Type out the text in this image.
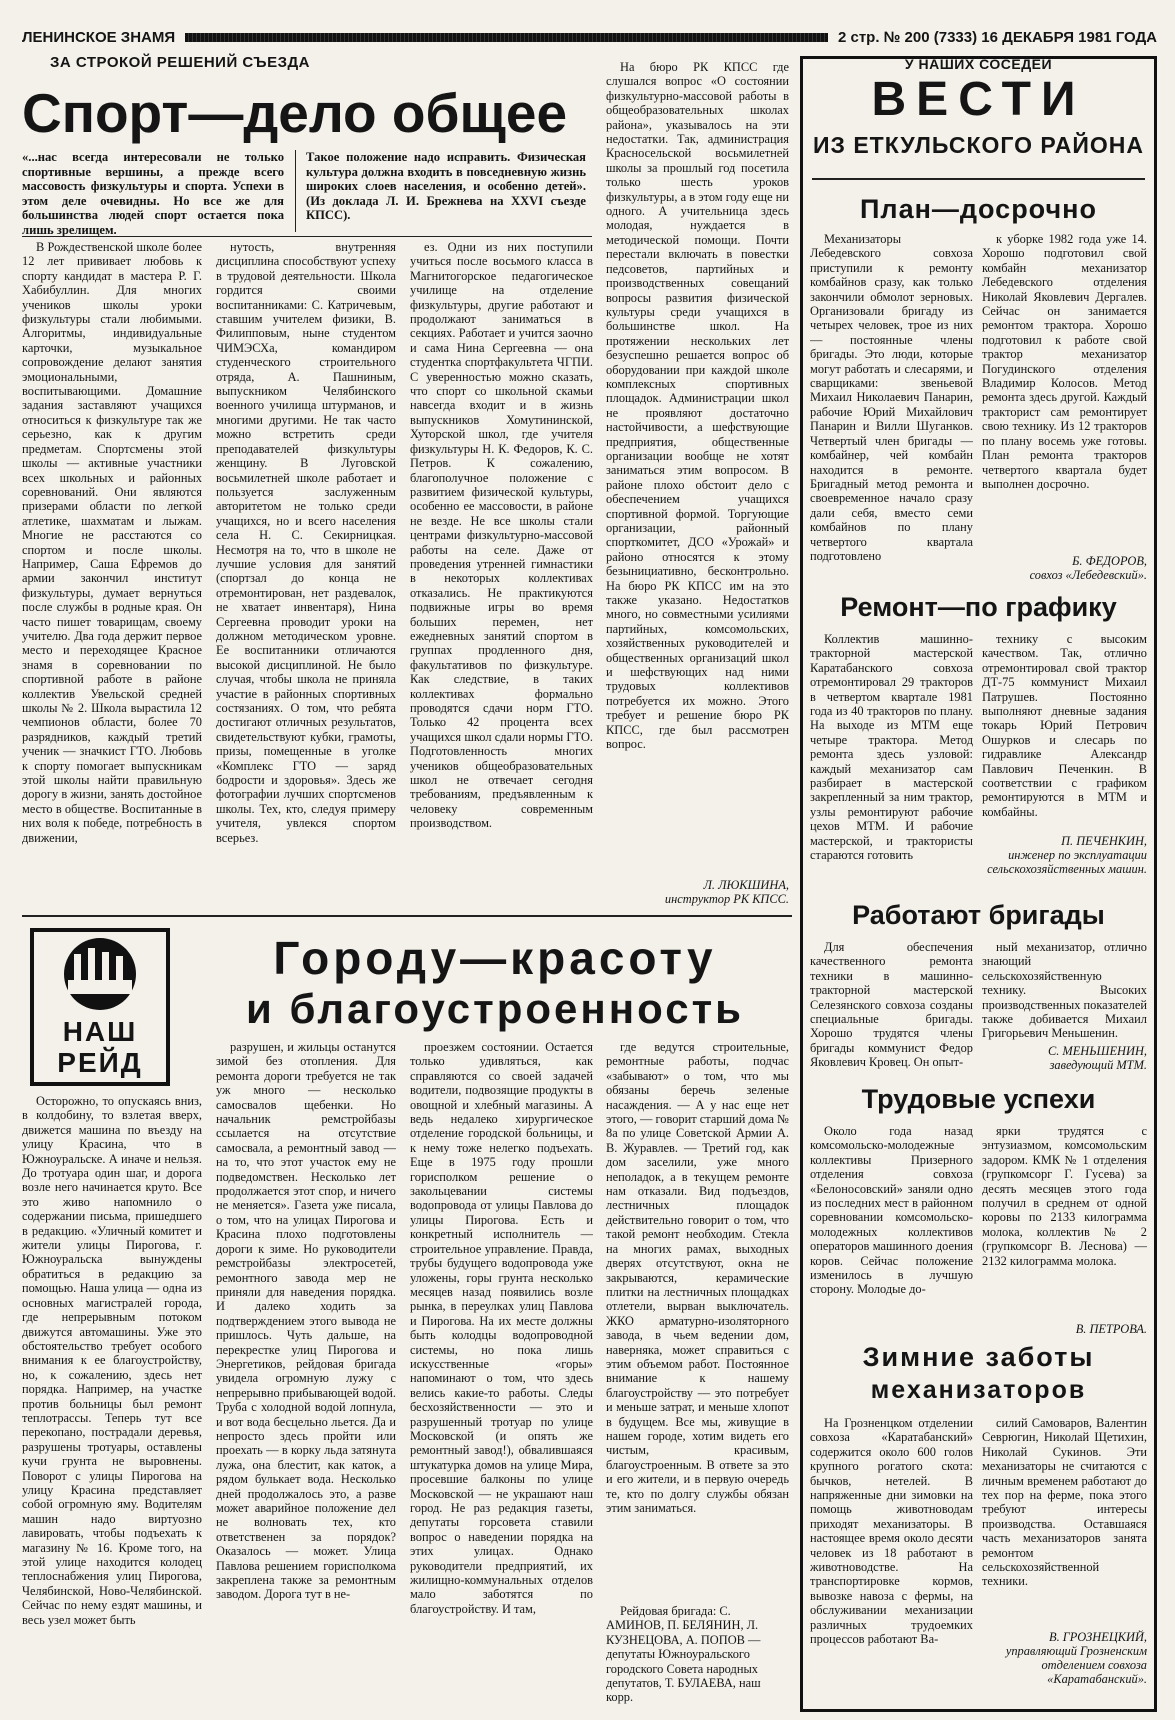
ЛЕНИНСКОЕ ЗНАМЯ	2 стр. № 200 (7333) 16 ДЕКАБРЯ 1981 ГОДА
ЗА СТРОКОЙ РЕШЕНИЙ СЪЕЗДА
Спорт—дело общее
«...нас всегда интересовали не только спортивные вершины, а прежде всего массовость физкультуры и спорта. Успехи в этом деле очевидны. Но все же для большинства людей спорт остается пока лишь зрелищем.
Такое положение надо исправить. Физическая культура должна входить в повседневную жизнь широких слоев населения, и особенно детей». (Из доклада Л. И. Брежнева на XXVI съезде КПСС).

В Рождественской школе более 12 лет прививает любовь к спорту кандидат в мастера Р. Г. Хабибуллин. Для многих учеников школы уроки физкультуры стали любимыми. Алгоритмы, индивидуальные карточки, музыкальное сопровождение делают занятия эмоциональными, воспитывающими. Домашние задания заставляют учащихся относиться к физкультуре так же серьезно, как к другим предметам. Спортсмены этой школы — активные участники всех школьных и районных соревнований. Они являются призерами области по легкой атлетике, шахматам и лыжам. Многие не расстаются со спортом и после школы. Например, Саша Ефремов до армии закончил институт физкультуры, думает вернуться после службы в родные края. Он часто пишет товарищам, своему учителю. Два года держит первое место и переходящее Красное знамя в соревновании по спортивной работе в районе коллектив Увельской средней школы № 2. Школа вырастила 12 чемпионов области, более 70 разрядников, каждый третий ученик — значкист ГТО. Любовь к спорту помогает выпускникам этой школы найти правильную дорогу в жизни, занять достойное место в обществе. Воспитанные в них воля к победе, потребность в движении,

нутость, внутренняя дисциплина способствуют успеху в трудовой деятельности. Школа гордится своими воспитанниками: С. Катричевым, ставшим учителем физики, В. Филипповым, ныне студентом ЧИМЭСХа, командиром студенческого строительного отряда, А. Пашниным, выпускником Челябинского военного училища штурманов, и многими другими. Не так часто можно встретить среди преподавателей физкультуры женщину. В Луговской восьмилетней школе работает и пользуется заслуженным авторитетом не только среди учащихся, но и всего населения села Н. С. Секирницкая. Несмотря на то, что в школе не лучшие условия для занятий (спортзал до конца не отремонтирован, нет раздевалок, не хватает инвентаря), Нина Сергеевна проводит уроки на должном методическом уровне. Ее воспитанники отличаются высокой дисциплиной. Не было случая, чтобы школа не приняла участие в районных спортивных состязаниях. О том, что ребята достигают отличных результатов, свидетельствуют кубки, грамоты, призы, помещенные в уголке «Комплекс ГТО — заряд бодрости и здоровья». Здесь же фотографии лучших спортсменов школы. Тех, кто, следуя примеру учителя, увлекся спортом всерьез.

ез. Одни из них поступили учиться после восьмого класса в Магнитогорское педагогическое училище на отделение физкультуры, другие работают и продолжают заниматься в секциях. Работает и учится заочно и сама Нина Сергеевна — она студентка спортфакультета ЧГПИ. С уверенностью можно сказать, что спорт со школьной скамьи навсегда входит и в жизнь выпускников Хомутининской, Хуторской школ, где учителя физкультуры Н. К. Федоров, К. С. Петров. К сожалению, благополучное положение с развитием физической культуры, особенно ее массовости, в районе не везде. Не все школы стали центрами физкультурно-массовой работы на селе. Даже от проведения утренней гимнастики в некоторых коллективах отказались. Не практикуются подвижные игры во время больших перемен, нет ежедневных занятий спортом в группах продленного дня, факультативов по физкультуре. Как следствие, в таких коллективах формально проводятся сдачи норм ГТО. Только 42 процента всех учащихся школ сдали нормы ГТО. Подготовленность многих учеников общеобразовательных школ не отвечает сегодня требованиям, предъявленным к человеку современным производством.

На бюро РК КПСС где слушался вопрос «О состоянии физкультурно-массовой работы в общеобразовательных школах района», указывалось на эти недостатки. Так, администрация Красносельской восьмилетней школы за прошлый год посетила только шесть уроков физкультуры, а в этом году еще ни одного. А учительница здесь молодая, нуждается в методической помощи. Почти перестали включать в повестки педсоветов, партийных и производственных совещаний вопросы развития физической культуры среди учащихся в большинстве школ. На протяжении нескольких лет безуспешно решается вопрос об оборудовании при каждой школе комплексных спортивных площадок. Администрации школ не проявляют достаточно настойчивости, а шефствующие предприятия, общественные организации вообще не хотят заниматься этим вопросом. В районе плохо обстоит дело с обеспечением учащихся спортивной формой. Торгующие организации, районный спорткомитет, ДСО «Урожай» и районо относятся к этому безынициативно, бесконтрольно. На бюро РК КПСС им на это также указано. Недостатков много, но совместными усилиями партийных, комсомольских, хозяйственных руководителей и общественных организаций школ и шефствующих над ними трудовых коллективов потребуется их можно. Этого требует и решение бюро РК КПСС, где был рассмотрен вопрос.

Л. ЛЮКШИНА,
инструктор РК КПСС.
НАШ
РЕЙД
Городу—красоту
и благоустроенность

Осторожно, то опускаясь вниз, в колдобину, то взлетая вверх, движется машина по въезду на улицу Красина, что в Южноуральске. А иначе и нельзя. До тротуара один шаг, и дорога возле него начинается круто. Все это живо напомнило о содержании письма, пришедшего в редакцию. «Уличный комитет и жители улицы Пирогова, г. Южноуральска вынуждены обратиться в редакцию за помощью. Наша улица — одна из основных магистралей города, где непрерывным потоком движутся автомашины. Уже это обстоятельство требует особого внимания к ее благоустройству, но, к сожалению, здесь нет порядка. Например, на участке против больницы был ремонт теплотрассы. Теперь тут все перекопано, пострадали деревья, разрушены тротуары, оставлены кучи грунта не выровнены. Поворот с улицы Пирогова на улицу Красина представляет собой огромную яму. Водителям машин надо виртуозно лавировать, чтобы подъехать к магазину № 16. Кроме того, на этой улице находится колодец теплоснабжения улиц Пирогова, Челябинской, Ново-Челябинской. Сейчас по нему ездят машины, и весь узел может быть

разрушен, и жильцы останутся зимой без отопления. Для ремонта дороги требуется не так уж много — несколько самосвалов щебенки. Но начальник ремстройбазы ссылается на отсутствие самосвала, а ремонтный завод — на то, что этот участок ему не подведомствен. Несколько лет продолжается этот спор, и ничего не меняется». Газета уже писала, о том, что на улицах Пирогова и Красина плохо подготовлены дороги к зиме. Но руководители ремстройбазы электросетей, ремонтного завода мер не приняли для наведения порядка. И далеко ходить за подтверждением этого вывода не пришлось. Чуть дальше, на перекрестке улиц Пирогова и Энергетиков, рейдовая бригада увидела огромную лужу с непрерывно прибывающей водой. Труба с холодной водой лопнула, и вот вода бесцельно льется. Да и непросто здесь пройти или проехать — в корку льда затянута лужа, она блестит, как каток, а рядом булькает вода. Несколько дней продолжалось это, а разве может аварийное положение дел не волновать тех, кто ответственен за порядок? Оказалось — может. Улица Павлова решением горисполкома закреплена также за ремонтным заводом. Дорога тут в не-

проезжем состоянии. Остается только удивляться, как справляются со своей задачей водители, подвозящие продукты в овощной и хлебный магазины. А ведь недалеко хирургическое отделение городской больницы, и к нему тоже нелегко подъехать. Еще в 1975 году прошли горисполком решение о закольцевании системы водопровода от улицы Павлова до улицы Пирогова. Есть и конкретный исполнитель — строительное управление. Правда, трубы будущего водопровода уже уложены, горы грунта несколько месяцев назад появились возле рынка, в переулках улиц Павлова и Пирогова. На их месте должны быть колодцы водопроводной системы, но пока лишь искусственные «горы» напоминают о том, что здесь велись какие-то работы. Следы бесхозяйственности — это и разрушенный тротуар по улице Московской (и опять же ремонтный завод!), обвалившаяся штукатурка домов на улице Мира, просевшие балконы по улице Московской — не украшают наш город. Не раз редакция газеты, депутаты горсовета ставили вопрос о наведении порядка на этих улицах. Однако руководители предприятий, их жилищно-коммунальных отделов мало заботятся по благоустройству. И там,

где ведутся строительные, ремонтные работы, подчас «забывают» о том, что мы обязаны беречь зеленые насаждения. — А у нас еще нет этого, — говорит старший дома № 8а по улице Советской Армии А. В. Журавлев. — Третий год, как дом заселили, уже много неполадок, а в текущем ремонте нам отказали. Вид подъездов, лестничных площадок действительно говорит о том, что такой ремонт необходим. Стекла на многих рамах, выходных дверях отсутствуют, окна не закрываются, керамические плитки на лестничных площадках отлетели, вырван выключатель. ЖКО арматурно-изоляторного завода, в чьем ведении дом, наверняка, может справиться с этим объемом работ. Постоянное внимание к нашему благоустройству — это потребует и меньше затрат, и меньше хлопот в будущем. Все мы, живущие в нашем городе, хотим видеть его чистым, красивым, благоустроенным. В ответе за это и его жители, и в первую очередь те, кто по долгу службы обязан этим заниматься.

Рейдовая бригада: С. АМИНОВ, П. БЕЛЯНИН, Л. КУЗНЕЦОВА, А. ПОПОВ — депутаты Южноуральского городского Совета народных депутатов, Т. БУЛАЕВА, наш корр.

У НАШИХ СОСЕДЕЙ
ВЕСТИ
ИЗ ЕТКУЛЬСКОГО РАЙОНА
План—досрочно

Механизаторы Лебедевского совхоза приступили к ремонту комбайнов сразу, как только закончили обмолот зерновых. Организовали бригаду из четырех человек, трое из них — постоянные члены бригады. Это люди, которые могут работать и слесарями, и сварщиками: звеньевой Михаил Николаевич Панарин, рабочие Юрий Михайлович Панарин и Вилли Шуганков. Четвертый член бригады — комбайнер, чей комбайн находится в ремонте. Бригадный метод ремонта и своевременное начало сразу дали себя, вместо семи комбайнов по плану четвертого квартала подготовлено

к уборке 1982 года уже 14. Хорошо подготовил свой комбайн механизатор Лебедевского отделения Николай Яковлевич Дергалев. Сейчас он занимается ремонтом трактора. Хорошо подготовил к работе свой трактор механизатор Погудинского отделения Владимир Колосов. Метод ремонта здесь другой. Каждый тракторист сам ремонтирует свою технику. Из 12 тракторов по плану восемь уже готовы. План ремонта тракторов четвертого квартала будет выполнен досрочно.

Б. ФЕДОРОВ,
совхоз «Лебедевский».
Ремонт—по графику

Коллектив машинно-тракторной мастерской Каратабанского совхоза отремонтировал 29 тракторов в четвертом квартале 1981 года из 40 тракторов по плану. На выходе из МТМ еще четыре трактора. Метод ремонта здесь узловой: каждый механизатор сам разбирает в мастерской закрепленный за ним трактор, узлы ремонтируют рабочие цехов МТМ. И рабочие мастерской, и трактористы стараются готовить

технику с высоким качеством. Так, отлично отремонтировал свой трактор ДТ-75 коммунист Михаил Патрушев. Постоянно выполняют дневные задания токарь Юрий Петрович Ошурков и слесарь по гидравлике Александр Павлович Печенкин. В соответствии с графиком ремонтируются в МТМ и комбайны.

П. ПЕЧЕНКИН,
инженер по эксплуатации сельскохозяйственных машин.
Работают бригады

Для обеспечения качественного ремонта техники в машинно-тракторной мастерской Селезянского совхоза созданы специальные бригады. Хорошо трудятся члены бригады коммунист Федор Яковлевич Кровец. Он опыт-

ный механизатор, отлично знающий сельскохозяйственную технику. Высоких производственных показателей также добивается Михаил Григорьевич Меньшенин.

С. МЕНЬШЕНИН,
заведующий МТМ.
Трудовые успехи

Около года назад комсомольско-молодежные коллективы Призерного отделения совхоза «Белоносовский» заняли одно из последних мест в районном соревновании комсомольско-молодежных коллективов операторов машинного доения коров. Сейчас положение изменилось в лучшую сторону. Молодые до-

ярки трудятся с энтузиазмом, комсомольским задором. КМК № 1 отделения (групкомсорг Г. Гусева) за десять месяцев этого года получил в среднем от одной коровы по 2133 килограмма молока, коллектив № 2 (групкомсорг В. Леснова) — 2132 килограмма молока.

В. ПЕТРОВА.
Зимние заботы
механизаторов

На Грозненцком отделении совхоза «Каратабанский» содержится около 600 голов крупного рогатого скота: бычков, нетелей. В напряженные дни зимовки на помощь животноводам приходят механизаторы. В настоящее время около десяти человек из 18 работают в животноводстве. На транспортировке кормов, вывозке навоза с фермы, на обслуживании механизации различных трудоемких процессов работают Ва-

силий Самоваров, Валентин Севрюгин, Николай Щетихин, Николай Сукинов. Эти механизаторы не считаются с личным временем работают до тех пор на ферме, пока этого требуют интересы производства. Оставшаяся часть механизаторов занята ремонтом сельскохозяйственной техники.

В. ГРОЗНЕЦКИЙ,
управляющий Грозненским отделением совхоза «Каратабанский».
